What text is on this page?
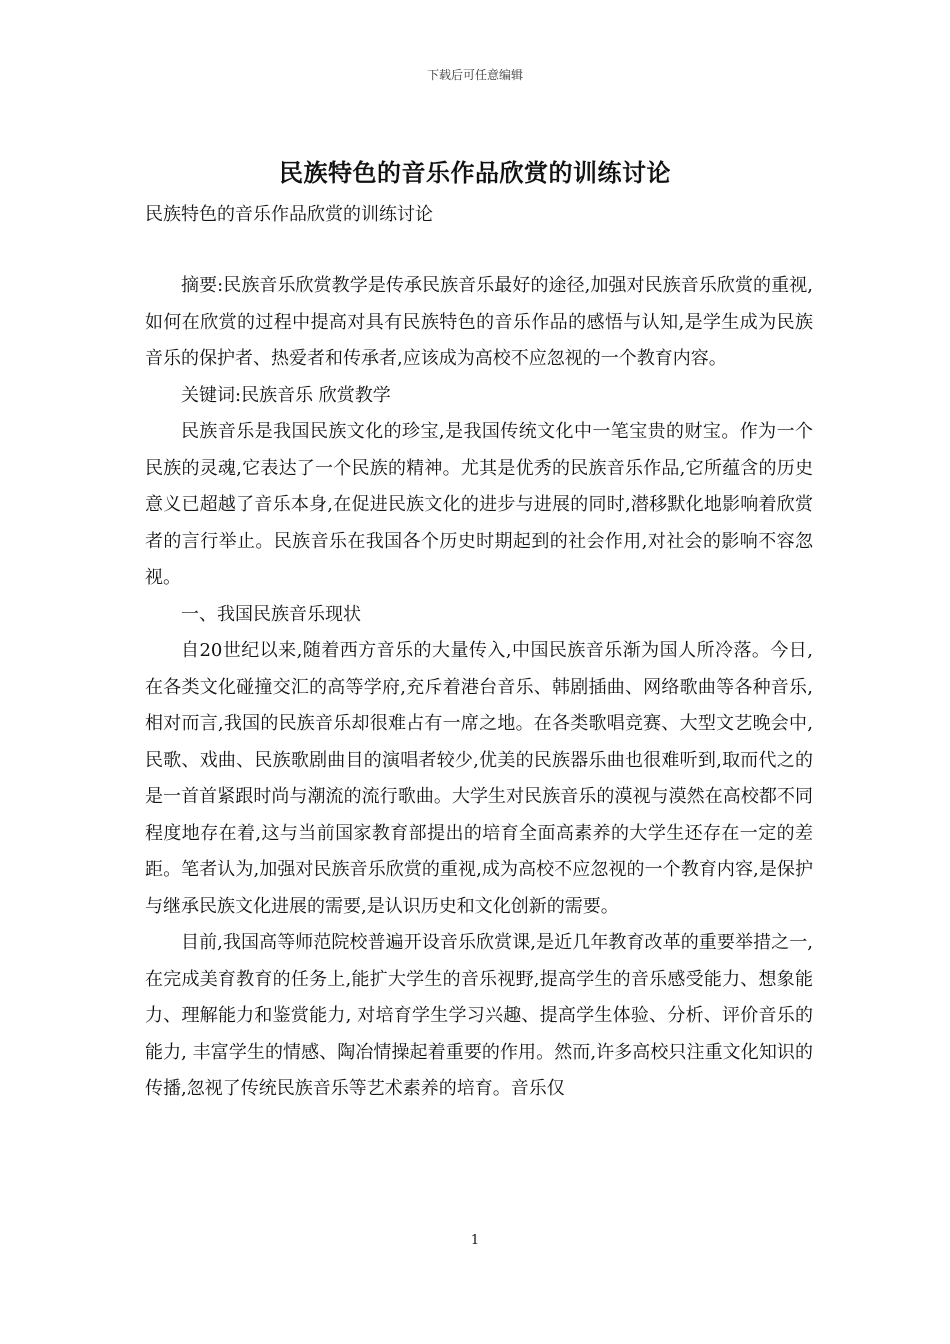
下载后可任意编辑
民族特色的音乐作品欣赏的训练讨论
民族特色的音乐作品欣赏的训练讨论

摘要:民族音乐欣赏教学是传承民族音乐最好的途径,加强对民族音乐欣赏的重视,如何在欣赏的过程中提高对具有民族特色的音乐作品的感悟与认知,是学生成为民族音乐的保护者、热爱者和传承者,应该成为高校不应忽视的一个教育内容。

关键词:民族音乐 欣赏教学

民族音乐是我国民族文化的珍宝,是我国传统文化中一笔宝贵的财宝。作为一个民族的灵魂,它表达了一个民族的精神。尤其是优秀的民族音乐作品,它所蕴含的历史意义已超越了音乐本身,在促进民族文化的进步与进展的同时,潜移默化地影响着欣赏者的言行举止。民族音乐在我国各个历史时期起到的社会作用,对社会的影响不容忽视。

一、我国民族音乐现状

自20世纪以来,随着西方音乐的大量传入,中国民族音乐渐为国人所冷落。今日,在各类文化碰撞交汇的高等学府,充斥着港台音乐、韩剧插曲、网络歌曲等各种音乐,相对而言,我国的民族音乐却很难占有一席之地。在各类歌唱竞赛、大型文艺晚会中,民歌、戏曲、民族歌剧曲目的演唱者较少,优美的民族器乐曲也很难听到,取而代之的是一首首紧跟时尚与潮流的流行歌曲。大学生对民族音乐的漠视与漠然在高校都不同程度地存在着,这与当前国家教育部提出的培育全面高素养的大学生还存在一定的差距。笔者认为,加强对民族音乐欣赏的重视,成为高校不应忽视的一个教育内容,是保护与继承民族文化进展的需要,是认识历史和文化创新的需要。

目前,我国高等师范院校普遍开设音乐欣赏课,是近几年教育改革的重要举措之一,在完成美育教育的任务上,能扩大学生的音乐视野,提高学生的音乐感受能力、想象能力、理解能力和鉴赏能力, 对培育学生学习兴趣、提高学生体验、分析、评价音乐的能力, 丰富学生的情感、陶冶情操起着重要的作用。然而,许多高校只注重文化知识的传播,忽视了传统民族音乐等艺术素养的培育。音乐仅

1
